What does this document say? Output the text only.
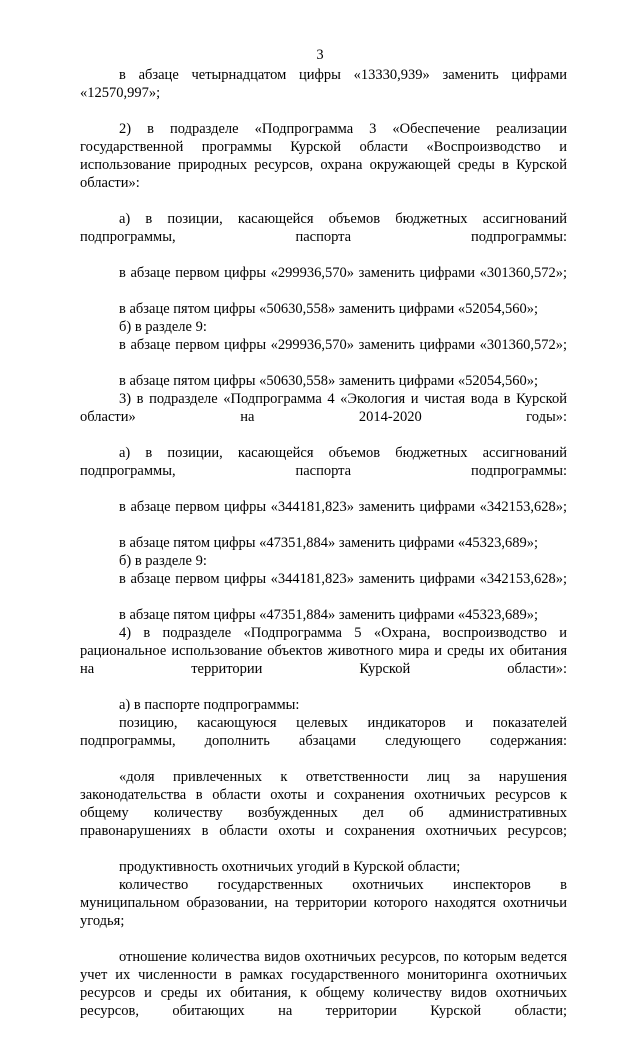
3

в абзаце четырнадцатом цифры «13330,939» заменить цифрами «12570,997»;

2) в подразделе «Подпрограмма 3 «Обеспечение реализации государственной программы Курской области «Воспроизводство и использование природных ресурсов, охрана окружающей среды в Курской области»:

а) в позиции, касающейся объемов бюджетных ассигнований подпрограммы, паспорта подпрограммы:

в абзаце первом цифры «299936,570» заменить цифрами «301360,572»;

в абзаце пятом цифры «50630,558» заменить цифрами «52054,560»;

б) в разделе 9:

в абзаце первом цифры «299936,570» заменить цифрами «301360,572»;

в абзаце пятом цифры «50630,558» заменить цифрами «52054,560»;

3) в подразделе «Подпрограмма 4 «Экология и чистая вода в Курской области» на 2014-2020 годы»:

а) в позиции, касающейся объемов бюджетных ассигнований подпрограммы, паспорта подпрограммы:

в абзаце первом цифры «344181,823» заменить цифрами «342153,628»;

в абзаце пятом цифры «47351,884» заменить цифрами «45323,689»;

б) в разделе 9:

в абзаце первом цифры «344181,823» заменить цифрами «342153,628»;

в абзаце пятом цифры «47351,884» заменить цифрами «45323,689»;

4) в подразделе «Подпрограмма 5 «Охрана, воспроизводство и рациональное использование объектов животного мира и среды их обитания на территории Курской области»:

а) в паспорте подпрограммы:

позицию, касающуюся целевых индикаторов и показателей подпрограммы, дополнить абзацами следующего содержания:

«доля привлеченных к ответственности лиц за нарушения законодательства в области охоты и сохранения охотничьих ресурсов к общему количеству возбужденных дел об административных правонарушениях в области охоты и сохранения охотничьих ресурсов;

продуктивность охотничьих угодий в Курской области;

количество государственных охотничьих инспекторов в муниципальном образовании, на территории которого находятся охотничьи угодья;

отношение количества видов охотничьих ресурсов, по которым ведется учет их численности в рамках государственного мониторинга охотничьих ресурсов и среды их обитания, к общему количеству видов охотничьих ресурсов, обитающих на территории Курской области;
